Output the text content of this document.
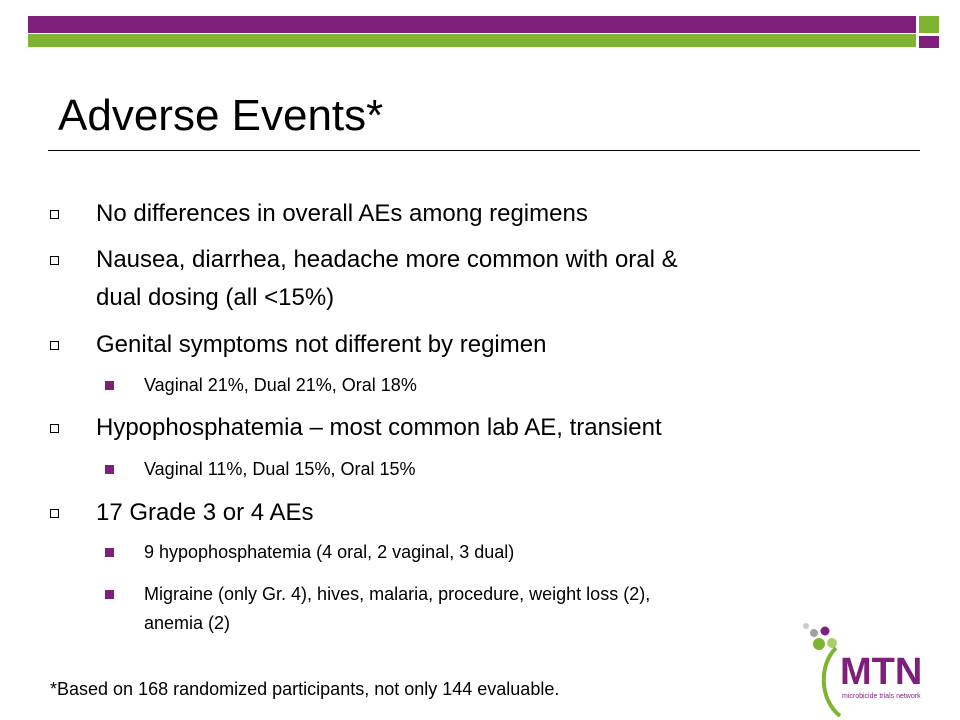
Adverse Events*
No differences in overall AEs among regimens
Nausea, diarrhea, headache more common with oral &
dual dosing (all <15%)
Genital symptoms not different by regimen
Vaginal 21%, Dual 21%, Oral 18%
Hypophosphatemia – most common lab AE, transient
Vaginal 11%, Dual 15%, Oral 15%
17 Grade 3 or 4 AEs
9 hypophosphatemia (4 oral, 2 vaginal, 3 dual)
Migraine (only Gr. 4), hives, malaria, procedure, weight loss (2),
anemia (2)
*Based on 168 randomized participants, not only 144 evaluable.	MTN
microbicide trials network
